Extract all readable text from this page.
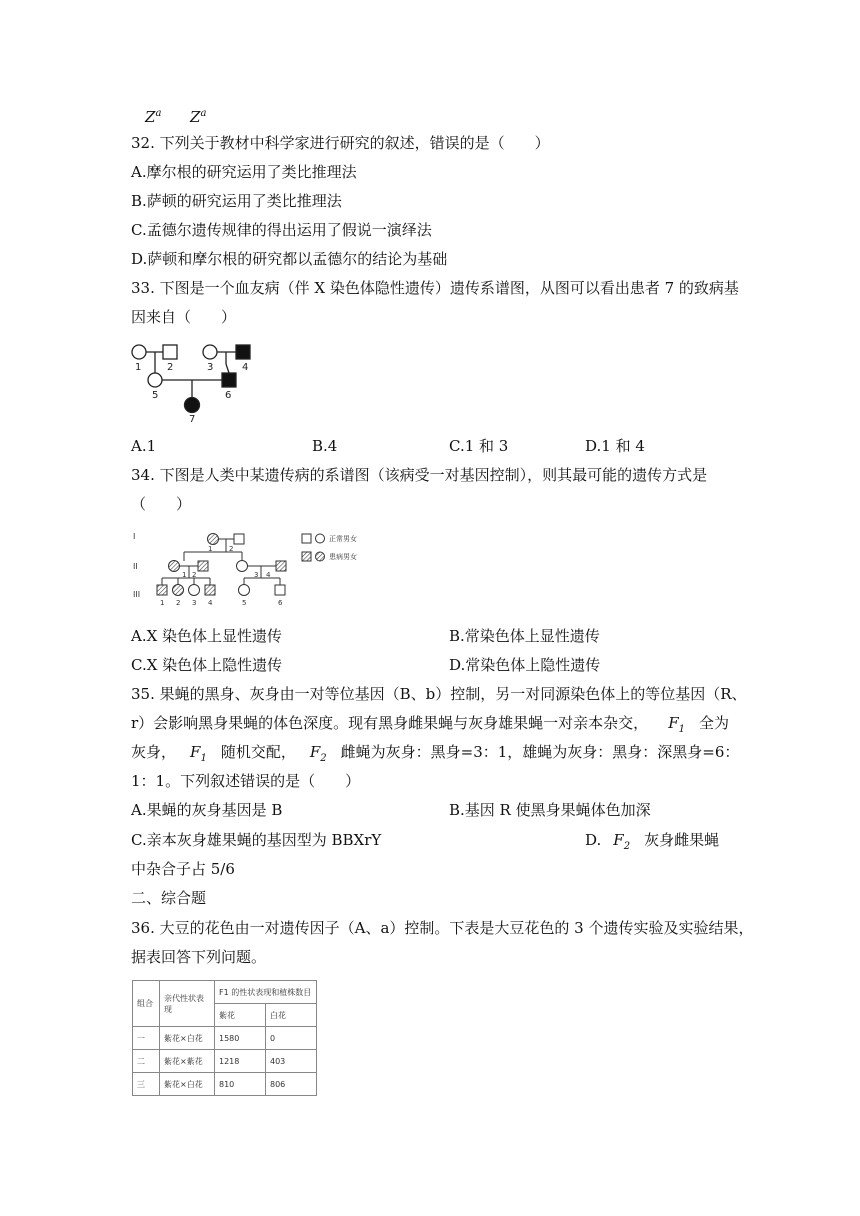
$Z^a$ $Z^a$
32. 下列关于教材中科学家进行研究的叙述，错误的是（　　）
A.摩尔根的研究运用了类比推理法
B.萨顿的研究运用了类比推理法
C.孟德尔遗传规律的得出运用了假说一演绎法
D.萨顿和摩尔根的研究都以孟德尔的结论为基础
33. 下图是一个血友病（伴 X 染色体隐性遗传）遗传系谱图，从图可以看出患者 7 的致病基
因来自（　　）
1	2	3	4
5	6
7
A.1	B.4	C.1 和 3	D.1 和 4
34. 下图是人类中某遗传病的系谱图（该病受一对基因控制），则其最可能的遗传方式是
（　　）
I
II
III
1 2
1 2	3 4
1 2 3 4	5	6
正常男女
患病男女
A.X 染色体上显性遗传	B.常染色体上显性遗传
C.X 染色体上隐性遗传	D.常染色体上隐性遗传
35. 果蝇的黑身、灰身由一对等位基因（B、b）控制，另一对同源染色体上的等位基因（R、
r）会影响黑身果蝇的体色深度。现有黑身雌果蝇与灰身雄果蝇一对亲本杂交， $F_1$ 全为
灰身， $F_1$ 随机交配， $F_2$ 雌蝇为灰身：黑身=3：1，雄蝇为灰身：黑身：深黑身=6：
1：1。下列叙述错误的是（　　）
A.果蝇的灰身基因是 B	B.基因 R 使黑身果蝇体色加深
C.亲本灰身雄果蝇的基因型为 BBXrY	D. $F_2$ 灰身雌果蝇
中杂合子占 5/6
二、综合题
36. 大豆的花色由一对遗传因子（A、a）控制。下表是大豆花色的 3 个遗传实验及实验结果，
据表回答下列问题。
组合	亲代性状表现	F1 的性状表现和植株数目	
		紫花	白花
一	紫花×白花	1580	0
二	紫花×紫花	1218	403
三	紫花×白花	810	806
